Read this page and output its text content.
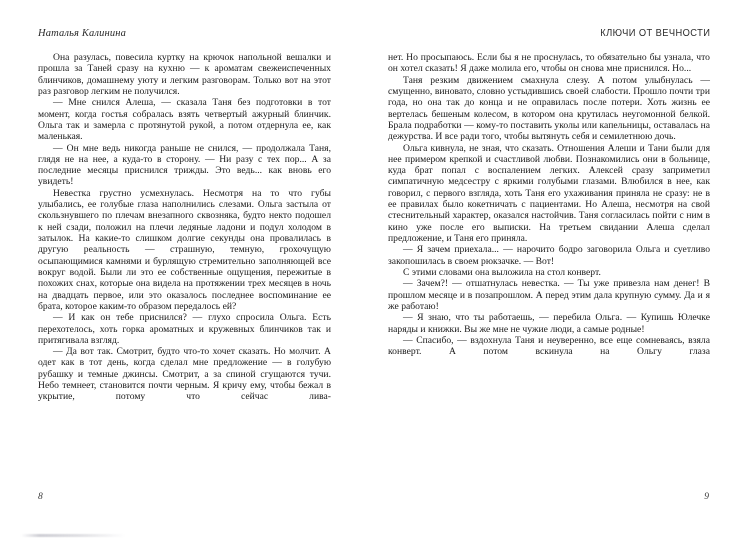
Наталья Калинина	КЛЮЧИ ОТ ВЕЧНОСТИ

Она разулась, повесила куртку на крючок напольной вешалки и прошла за Таней сразу на кухню — к ароматам свежеиспеченных блинчиков, домашнему уюту и легким разговорам. Только вот на этот раз разговор легким не получился.

— Мне снился Алеша, — сказала Таня без подготовки в тот момент, когда гостья собралась взять четвертый ажурный блинчик. Ольга так и замерла с протянутой рукой, а потом отдернула ее, как маленькая.

— Он мне ведь никогда раньше не снился, — продолжала Таня, глядя не на нее, а куда-то в сторону. — Ни разу с тех пор... А за последние месяцы приснился трижды. Это ведь... как вновь его увидеть!

Невестка грустно усмехнулась. Несмотря на то что губы улыбались, ее голубые глаза наполнились слезами. Ольга застыла от скользнувшего по плечам внезапного сквозняка, будто некто подошел к ней сзади, положил на плечи ледяные ладони и подул холодом в затылок. На какие-то слишком долгие секунды она провалилась в другую реальность — страшную, темную, грохочущую осыпающимися камнями и бурлящую стремительно заполняющей все вокруг водой. Были ли это ее собственные ощущения, пережитые в похожих снах, которые она видела на протяжении трех месяцев в ночь на двадцать первое, или это оказалось последнее воспоминание ее брата, которое каким-то образом передалось ей?

— И как он тебе приснился? — глухо спросила Ольга. Есть перехотелось, хоть горка ароматных и кружевных блинчиков так и притягивала взгляд.

— Да вот так. Смотрит, будто что-то хочет сказать. Но молчит. А одет как в тот день, когда сделал мне предложение — в голубую рубашку и темные джинсы. Смотрит, а за спиной сгущаются тучи. Небо темнеет, становится почти черным. Я кричу ему, чтобы бежал в укрытие, потому что сейчас лива-

нет. Но просыпаюсь. Если бы я не проснулась, то обязательно бы узнала, что он хотел сказать! Я даже молила его, чтобы он снова мне приснился. Но...

Таня резким движением смахнула слезу. А потом улыбнулась — смущенно, виновато, словно устыдившись своей слабости. Прошло почти три года, но она так до конца и не оправилась после потери. Хоть жизнь ее вертелась бешеным колесом, в котором она крутилась неугомонной белкой. Брала подработки — кому-то поставить уколы или капельницы, оставалась на дежурства. И все ради того, чтобы вытянуть себя и семилетнюю дочь.

Ольга кивнула, не зная, что сказать. Отношения Алеши и Тани были для нее примером крепкой и счастливой любви. Познакомились они в больнице, куда брат попал с воспалением легких. Алексей сразу заприметил симпатичную медсестру с яркими голубыми глазами. Влюбился в нее, как говорил, с первого взгляда, хоть Таня его ухаживания приняла не сразу: не в ее правилах было кокетничать с пациентами. Но Алеша, несмотря на свой стеснительный характер, оказался настойчив. Таня согласилась пойти с ним в кино уже после его выписки. На третьем свидании Алеша сделал предложение, и Таня его приняла.

— Я зачем приехала... — нарочито бодро заговорила Ольга и суетливо закопошилась в своем рюкзачке. — Вот!

С этими словами она выложила на стол конверт.

— Зачем?! — отшатнулась невестка. — Ты уже привезла нам денег! В прошлом месяце и в позапрошлом. А перед этим дала крупную сумму. Да и я же работаю!

— Я знаю, что ты работаешь, — перебила Ольга. — Купишь Юлечке наряды и книжки. Вы же мне не чужие люди, а самые родные!

— Спасибо, — вздохнула Таня и неуверенно, все еще сомневаясь, взяла конверт. А потом вскинула на Ольгу глаза

8	9
